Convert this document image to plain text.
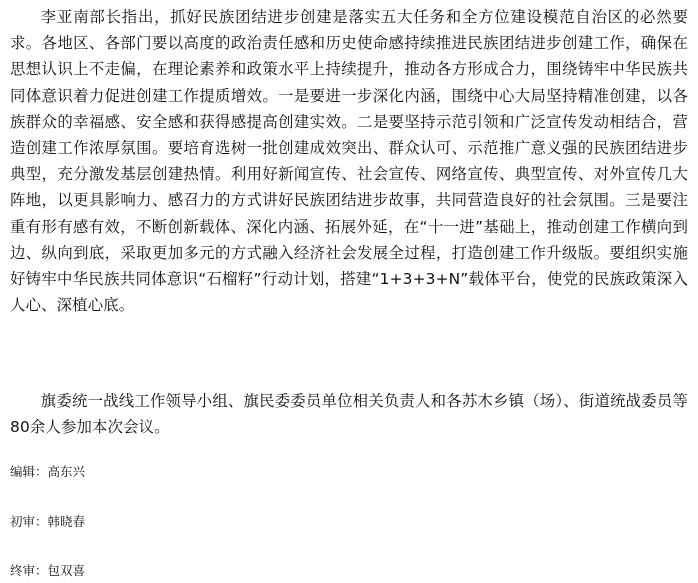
李亚南部长指出，抓好民族团结进步创建是落实五大任务和全方位建设模范自治区的必然要求。各地区、各部门要以高度的政治责任感和历史使命感持续推进民族团结进步创建工作，确保在思想认识上不走偏，在理论素养和政策水平上持续提升，推动各方形成合力，围绕铸牢中华民族共同体意识着力促进创建工作提质增效。一是要进一步深化内涵，围绕中心大局坚持精准创建，以各族群众的幸福感、安全感和获得感提高创建实效。二是要坚持示范引领和广泛宣传发动相结合，营造创建工作浓厚氛围。要培育选树一批创建成效突出、群众认可、示范推广意义强的民族团结进步典型，充分激发基层创建热情。利用好新闻宣传、社会宣传、网络宣传、典型宣传、对外宣传几大阵地，以更具影响力、感召力的方式讲好民族团结进步故事，共同营造良好的社会氛围。三是要注重有形有感有效，不断创新载体、深化内涵、拓展外延，在“十一进”基础上，推动创建工作横向到边、纵向到底，采取更加多元的方式融入经济社会发展全过程，打造创建工作升级版。要组织实施好铸牢中华民族共同体意识“石榴籽”行动计划，搭建“1+3+3+N”载体平台，使党的民族政策深入人心、深植心底。

旗委统一战线工作领导小组、旗民委委员单位相关负责人和各苏木乡镇（场）、街道统战委员等80余人参加本次会议。

编辑：高东兴

初审：韩晓春

终审：包双喜
